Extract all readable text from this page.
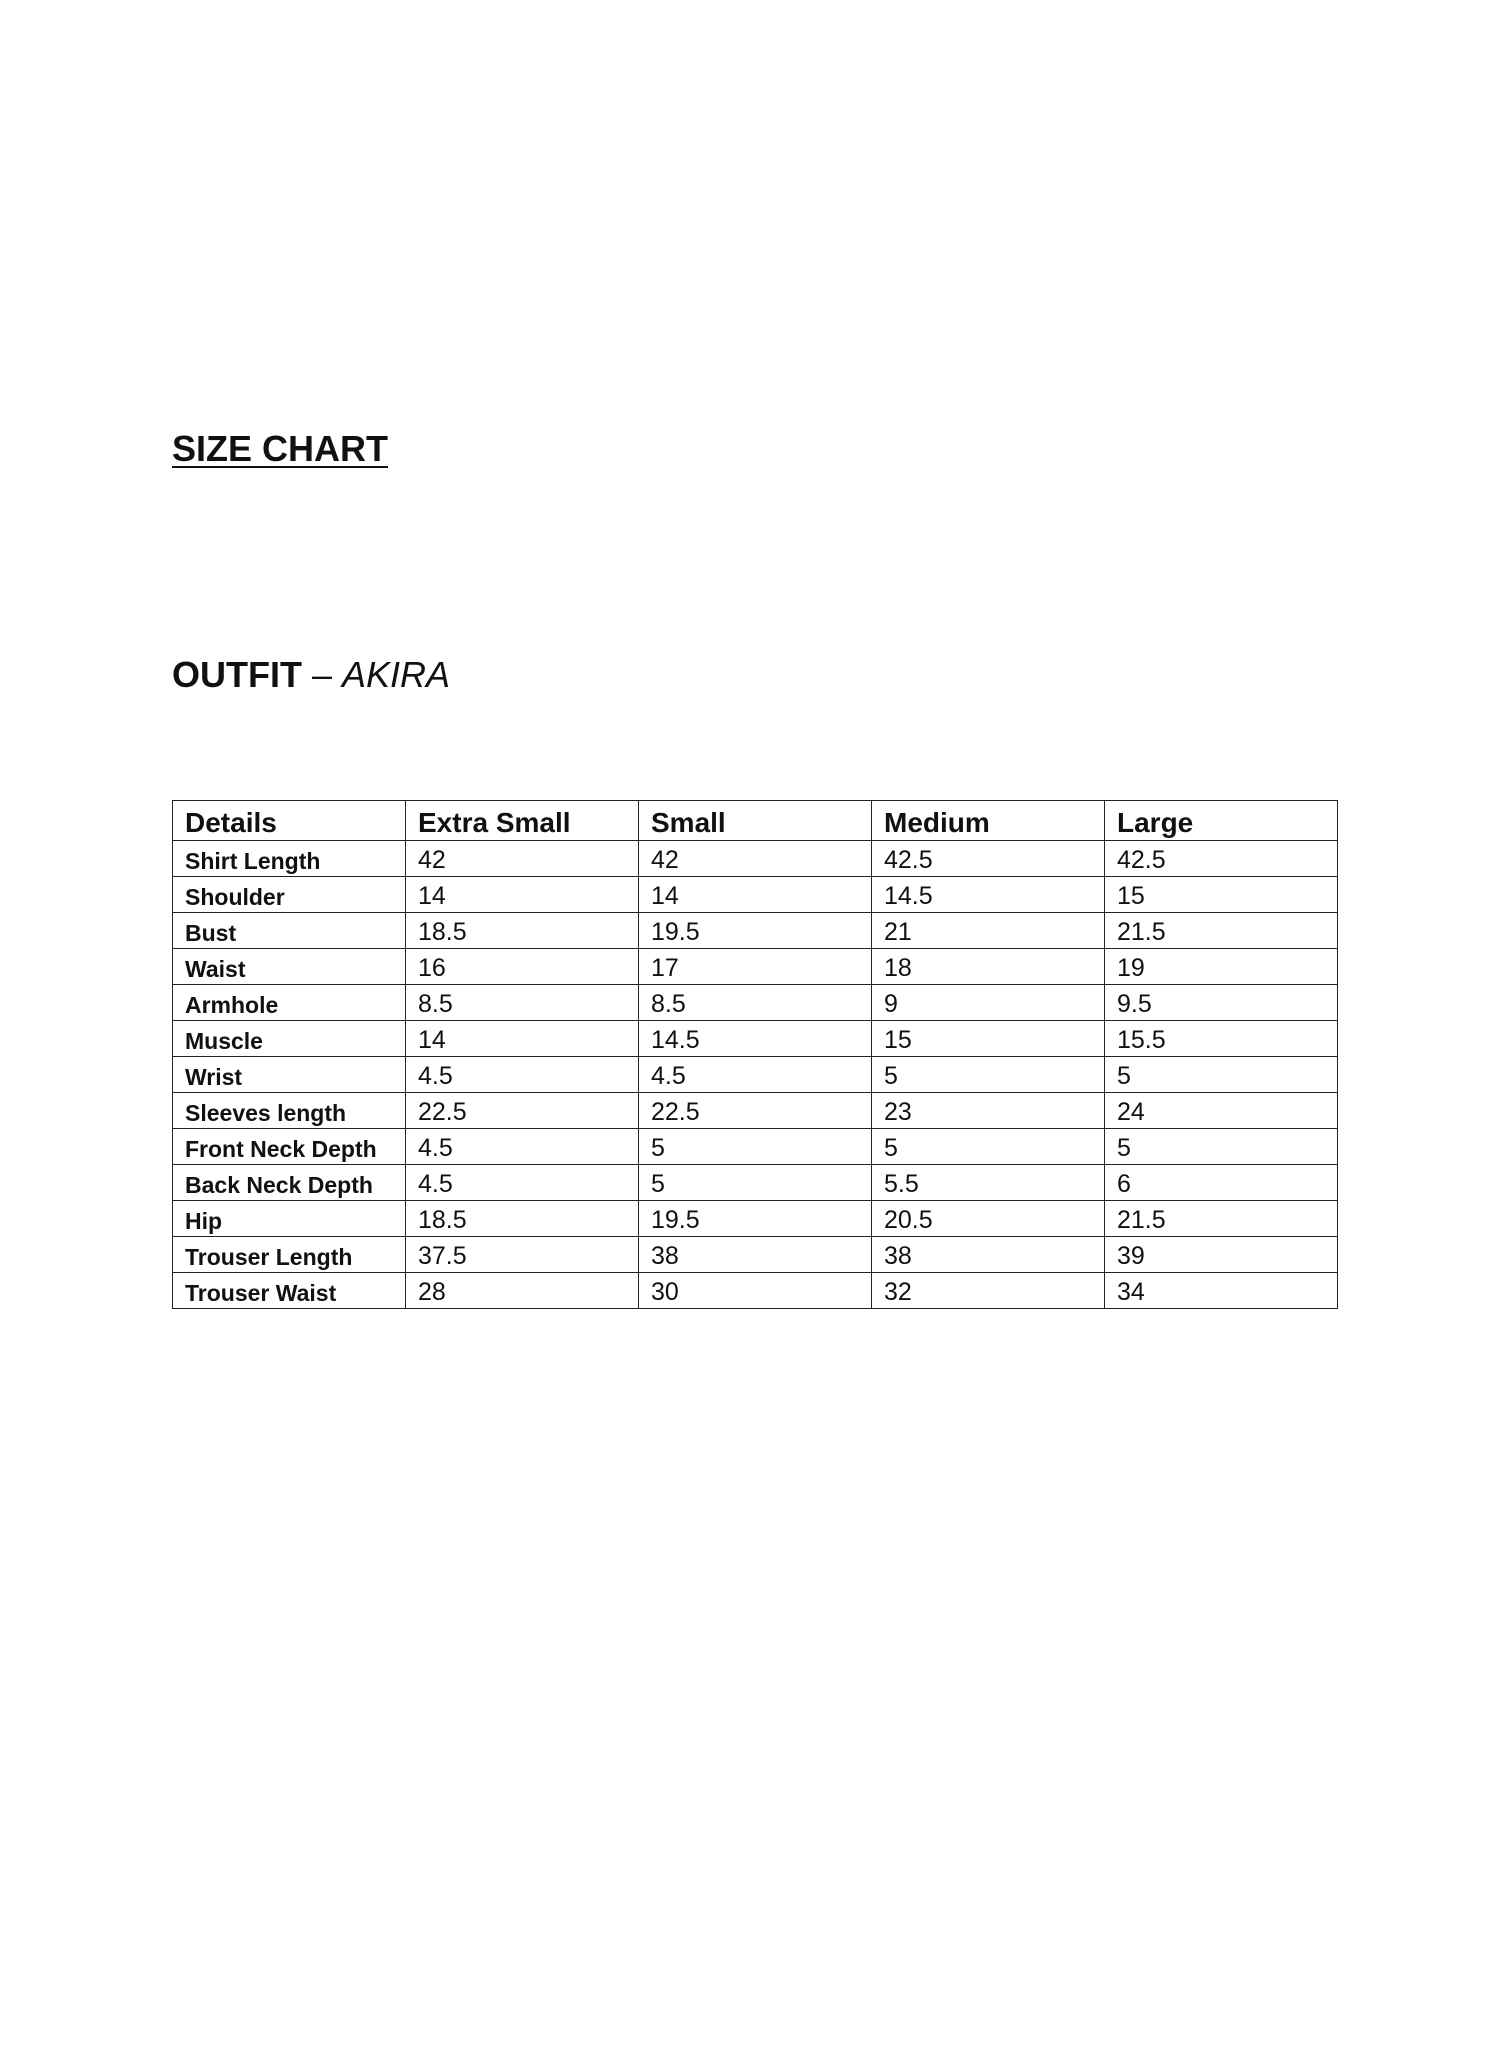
SIZE CHART
OUTFIT – AKIRA
Details	Extra Small	Small	Medium	Large
Shirt Length	42	42	42.5	42.5
Shoulder	14	14	14.5	15
Bust	18.5	19.5	21	21.5
Waist	16	17	18	19
Armhole	8.5	8.5	9	9.5
Muscle	14	14.5	15	15.5
Wrist	4.5	4.5	5	5
Sleeves length	22.5	22.5	23	24
Front Neck Depth	4.5	5	5	5
Back Neck Depth	4.5	5	5.5	6
Hip	18.5	19.5	20.5	21.5
Trouser Length	37.5	38	38	39
Trouser Waist	28	30	32	34
